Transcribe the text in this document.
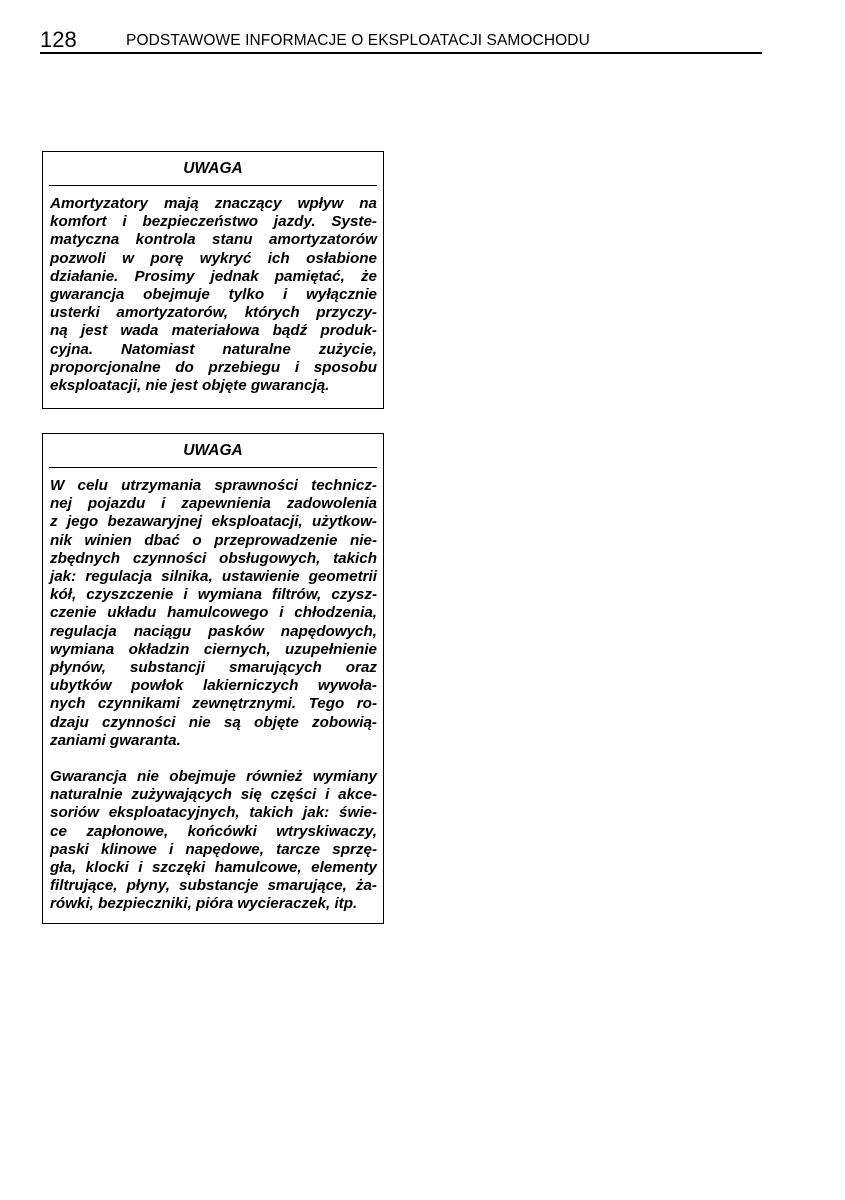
128	PODSTAWOWE INFORMACJE O EKSPLOATACJI SAMOCHODU
UWAGA

Amortyzatory mają znaczący wpływ na
komfort i bezpieczeństwo jazdy. Syste-
matyczna kontrola stanu amortyzatorów
pozwoli w porę wykryć ich osłabione
działanie. Prosimy jednak pamiętać, że
gwarancja obejmuje tylko i wyłącznie
usterki amortyzatorów, których przyczy-
ną jest wada materiałowa bądź produk-
cyjna. Natomiast naturalne zużycie,
proporcjonalne do przebiegu i sposobu
eksploatacji, nie jest objęte gwarancją.

UWAGA

W celu utrzymania sprawności technicz-
nej pojazdu i zapewnienia zadowolenia
z jego bezawaryjnej eksploatacji, użytkow-
nik winien dbać o przeprowadzenie nie-
zbędnych czynności obsługowych, takich
jak: regulacja silnika, ustawienie geometrii
kół, czyszczenie i wymiana filtrów, czysz-
czenie układu hamulcowego i chłodzenia,
regulacja naciągu pasków napędowych,
wymiana okładzin ciernych, uzupełnienie
płynów, substancji smarujących oraz
ubytków powłok lakierniczych wywoła-
nych czynnikami zewnętrznymi. Tego ro-
dzaju czynności nie są objęte zobowią-
zaniami gwaranta.

Gwarancja nie obejmuje również wymiany
naturalnie zużywających się części i akce-
soriów eksploatacyjnych, takich jak: świe-
ce zapłonowe, końcówki wtryskiwaczy,
paski klinowe i napędowe, tarcze sprzę-
gła, klocki i szczęki hamulcowe, elementy
filtrujące, płyny, substancje smarujące, ża-
rówki, bezpieczniki, pióra wycieraczek, itp.
